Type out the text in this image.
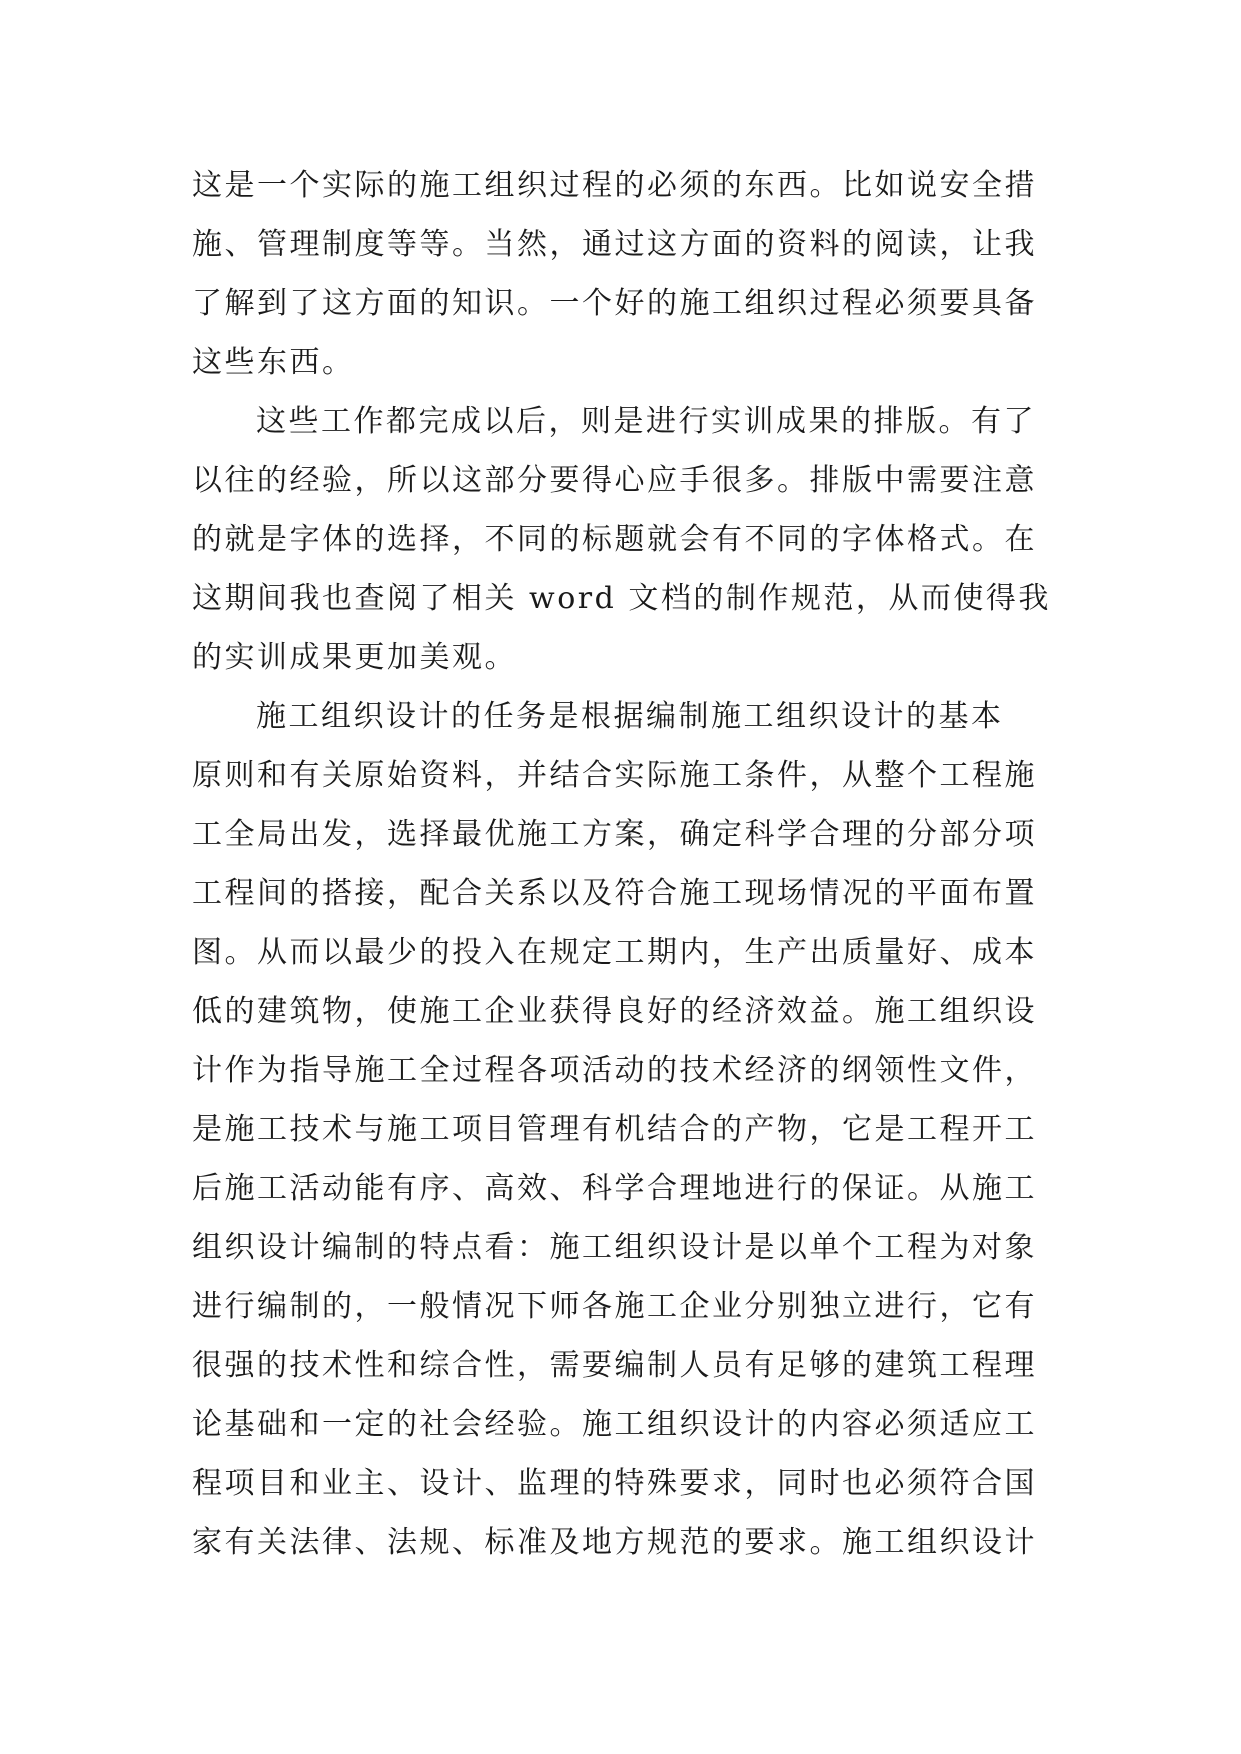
这是一个实际的施工组织过程的必须的东西。比如说安全措
施、管理制度等等。当然，通过这方面的资料的阅读，让我
了解到了这方面的知识。一个好的施工组织过程必须要具备
这些东西。
这些工作都完成以后，则是进行实训成果的排版。有了
以往的经验，所以这部分要得心应手很多。排版中需要注意
的就是字体的选择，不同的标题就会有不同的字体格式。在
这期间我也查阅了相关 word 文档的制作规范，从而使得我
的实训成果更加美观。
施工组织设计的任务是根据编制施工组织设计的基本
原则和有关原始资料，并结合实际施工条件，从整个工程施
工全局出发，选择最优施工方案，确定科学合理的分部分项
工程间的搭接，配合关系以及符合施工现场情况的平面布置
图。从而以最少的投入在规定工期内，生产出质量好、成本
低的建筑物，使施工企业获得良好的经济效益。施工组织设
计作为指导施工全过程各项活动的技术经济的纲领性文件，
是施工技术与施工项目管理有机结合的产物，它是工程开工
后施工活动能有序、高效、科学合理地进行的保证。从施工
组织设计编制的特点看：施工组织设计是以单个工程为对象
进行编制的，一般情况下师各施工企业分别独立进行，它有
很强的技术性和综合性，需要编制人员有足够的建筑工程理
论基础和一定的社会经验。施工组织设计的内容必须适应工
程项目和业主、设计、监理的特殊要求，同时也必须符合国
家有关法律、法规、标准及地方规范的要求。施工组织设计
